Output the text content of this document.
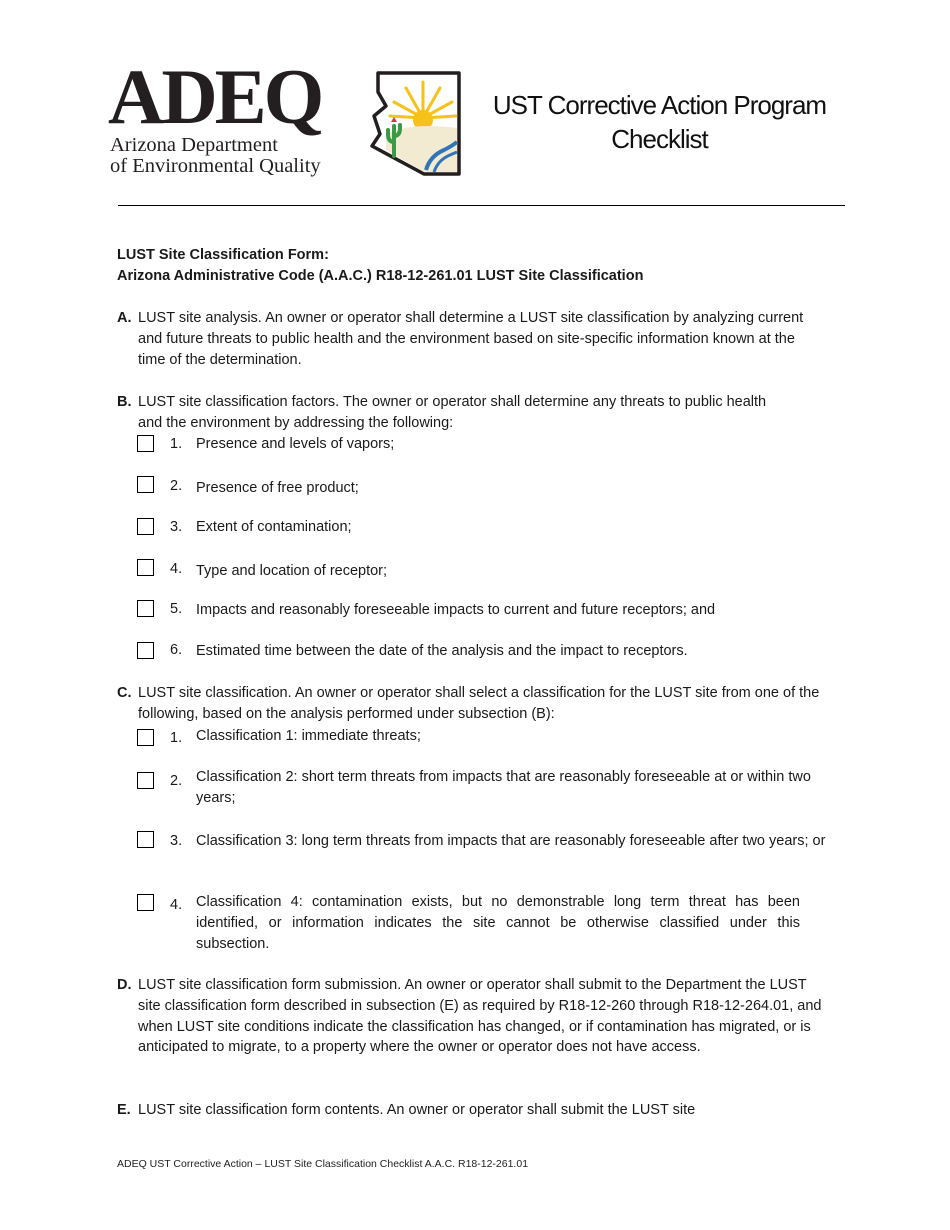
ADEQ
Arizona Department
of Environmental Quality
UST Corrective Action Program
Checklist
LUST Site Classification Form:
Arizona Administrative Code (A.A.C.) R18-12-261.01 LUST Site Classification
A. LUST site analysis. An owner or operator shall determine a LUST site classification by analyzing current and future threats to public health and the environment based on site-specific information known at the time of the determination.
B. LUST site classification factors. The owner or operator shall determine any threats to public health and the environment by addressing the following:
1. Presence and levels of vapors;
2. Presence of free product;
3. Extent of contamination;
4. Type and location of receptor;
5. Impacts and reasonably foreseeable impacts to current and future receptors; and
6. Estimated time between the date of the analysis and the impact to receptors.
C. LUST site classification. An owner or operator shall select a classification for the LUST site from one of the following, based on the analysis performed under subsection (B):
1. Classification 1: immediate threats;
2. Classification 2: short term threats from impacts that are reasonably foreseeable at or within two years;
3. Classification 3: long term threats from impacts that are reasonably foreseeable after two years; or
4. Classification 4: contamination exists, but no demonstrable long term threat has been identified, or information indicates the site cannot be otherwise classified under this subsection.
D. LUST site classification form submission. An owner or operator shall submit to the Department the LUST site classification form described in subsection (E) as required by R18-12-260 through R18-12-264.01, and when LUST site conditions indicate the classification has changed, or if contamination has migrated, or is anticipated to migrate, to a property where the owner or operator does not have access.
E. LUST site classification form contents. An owner or operator shall submit the LUST site
ADEQ UST Corrective Action – LUST Site Classification Checklist A.A.C. R18-12-261.01
